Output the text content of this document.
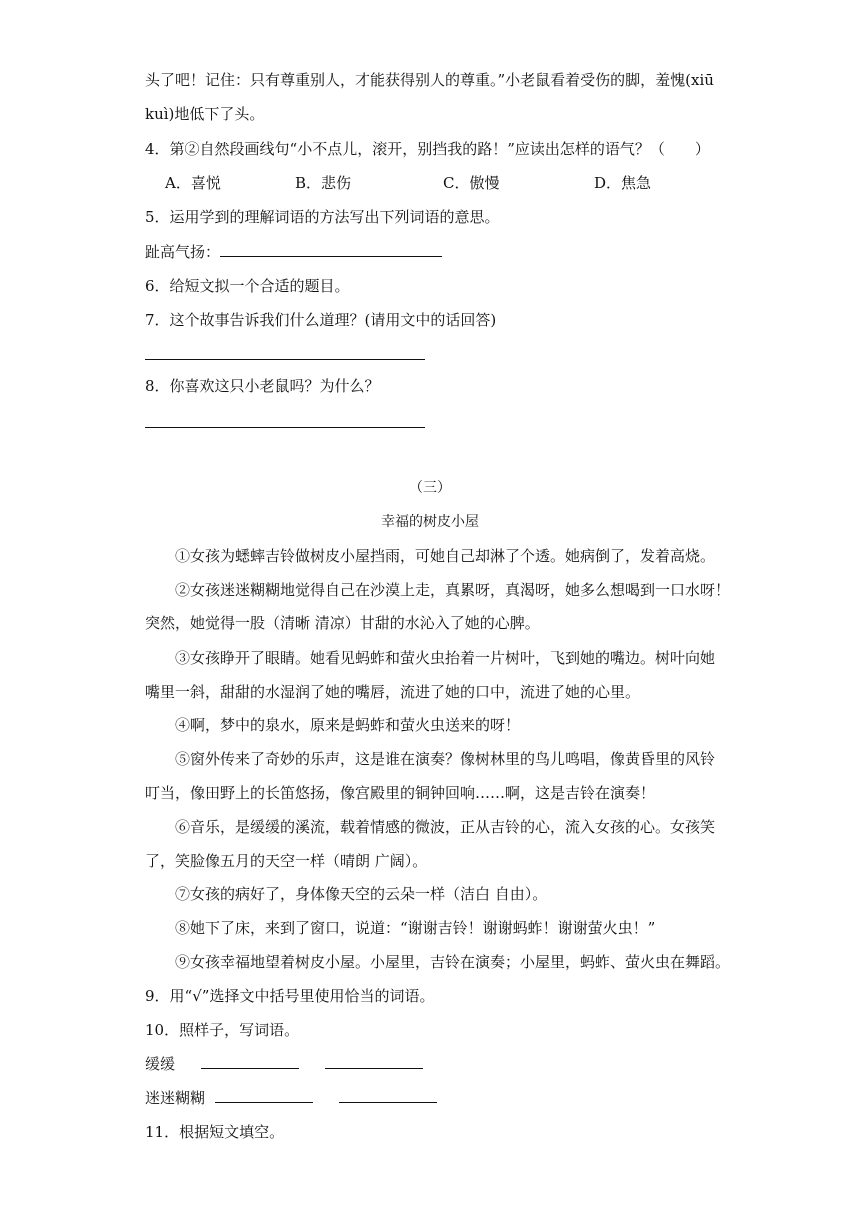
头了吧！记住：只有尊重别人，才能获得别人的尊重。”小老鼠看着受伤的脚，羞愧(xiū
kuì)地低下了头。
4．第②自然段画线句“小不点儿，滚开，别挡我的路！”应读出怎样的语气？（　　）
A．喜悦	B．悲伤	C．傲慢	D．焦急
5．运用学到的理解词语的方法写出下列词语的意思。
趾高气扬：
6．给短文拟一个合适的题目。
7．这个故事告诉我们什么道理？(请用文中的话回答)
8．你喜欢这只小老鼠吗？为什么？
（三）
幸福的树皮小屋
①女孩为蟋蟀吉铃做树皮小屋挡雨，可她自己却淋了个透。她病倒了，发着高烧。
②女孩迷迷糊糊地觉得自己在沙漠上走，真累呀，真渴呀，她多么想喝到一口水呀！
突然，她觉得一股（清晰 清凉）甘甜的水沁入了她的心脾。
③女孩睁开了眼睛。她看见蚂蚱和萤火虫抬着一片树叶，飞到她的嘴边。树叶向她
嘴里一斜，甜甜的水湿润了她的嘴唇，流进了她的口中，流进了她的心里。
④啊，梦中的泉水，原来是蚂蚱和萤火虫送来的呀！
⑤窗外传来了奇妙的乐声，这是谁在演奏？像树林里的鸟儿鸣唱，像黄昏里的风铃
叮当，像田野上的长笛悠扬，像宫殿里的铜钟回响……啊，这是吉铃在演奏！
⑥音乐，是缓缓的溪流，载着情感的微波，正从吉铃的心，流入女孩的心。女孩笑
了，笑脸像五月的天空一样（晴朗 广阔）。
⑦女孩的病好了，身体像天空的云朵一样（洁白 自由）。
⑧她下了床，来到了窗口，说道：“谢谢吉铃！谢谢蚂蚱！谢谢萤火虫！”
⑨女孩幸福地望着树皮小屋。小屋里，吉铃在演奏；小屋里，蚂蚱、萤火虫在舞蹈。
9．用“√”选择文中括号里使用恰当的词语。
10．照样子，写词语。
缓缓
迷迷糊糊
11．根据短文填空。
